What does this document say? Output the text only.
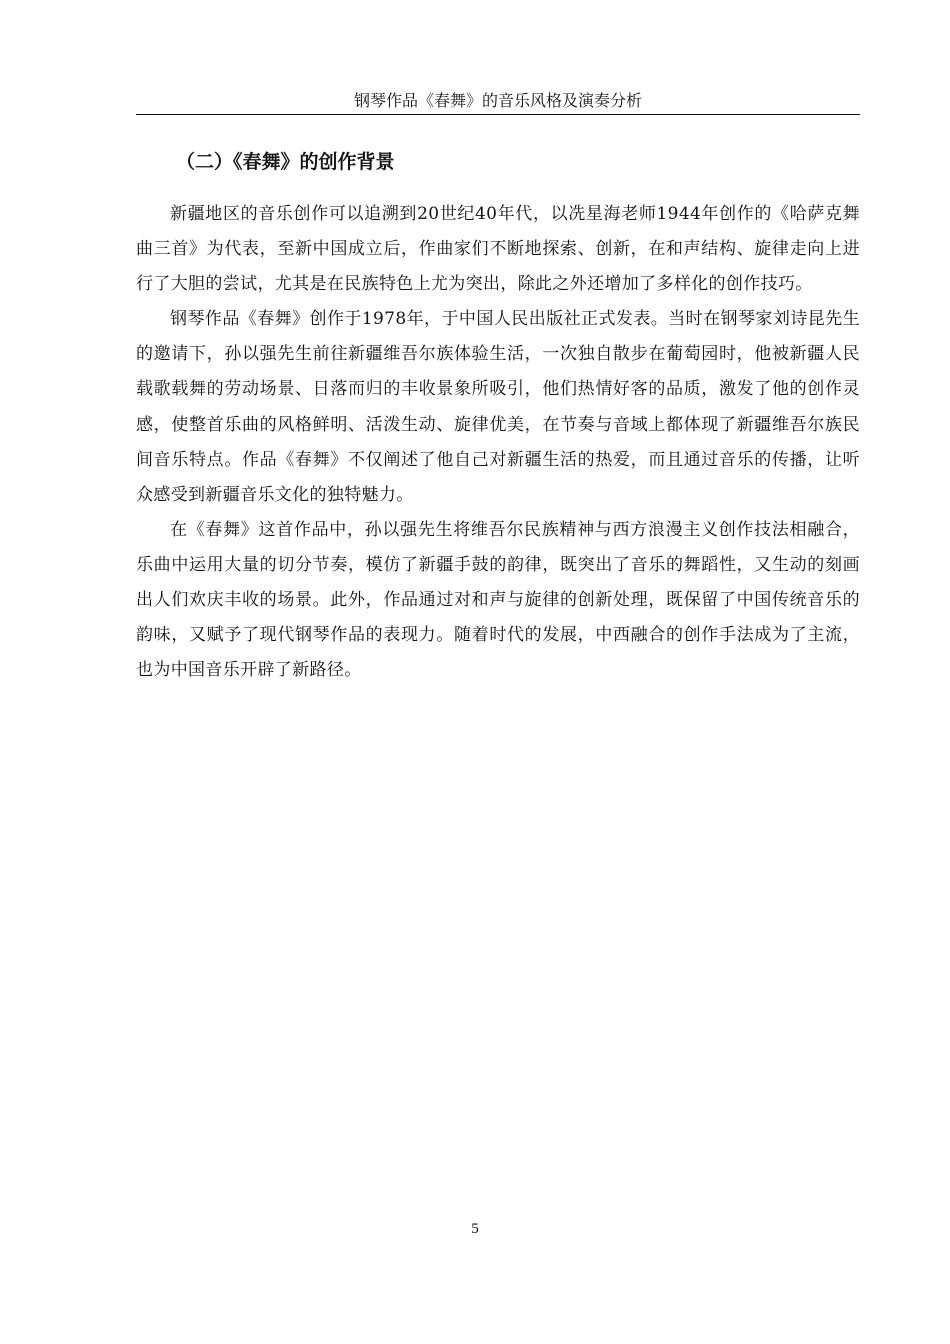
钢琴作品《春舞》的音乐风格及演奏分析
（二）《春舞》的创作背景

新疆地区的音乐创作可以追溯到20世纪40年代，以冼星海老师1944年创作的《哈萨克舞曲三首》为代表，至新中国成立后，作曲家们不断地探索、创新，在和声结构、旋律走向上进行了大胆的尝试，尤其是在民族特色上尤为突出，除此之外还增加了多样化的创作技巧。

钢琴作品《春舞》创作于1978年，于中国人民出版社正式发表。当时在钢琴家刘诗昆先生的邀请下，孙以强先生前往新疆维吾尔族体验生活，一次独自散步在葡萄园时，他被新疆人民载歌载舞的劳动场景、日落而归的丰收景象所吸引，他们热情好客的品质，激发了他的创作灵感，使整首乐曲的风格鲜明、活泼生动、旋律优美，在节奏与音域上都体现了新疆维吾尔族民间音乐特点。作品《春舞》不仅阐述了他自己对新疆生活的热爱，而且通过音乐的传播，让听众感受到新疆音乐文化的独特魅力。

在《春舞》这首作品中，孙以强先生将维吾尔民族精神与西方浪漫主义创作技法相融合，乐曲中运用大量的切分节奏，模仿了新疆手鼓的韵律，既突出了音乐的舞蹈性，又生动的刻画出人们欢庆丰收的场景。此外，作品通过对和声与旋律的创新处理，既保留了中国传统音乐的韵味，又赋予了现代钢琴作品的表现力。随着时代的发展，中西融合的创作手法成为了主流，也为中国音乐开辟了新路径。

5
